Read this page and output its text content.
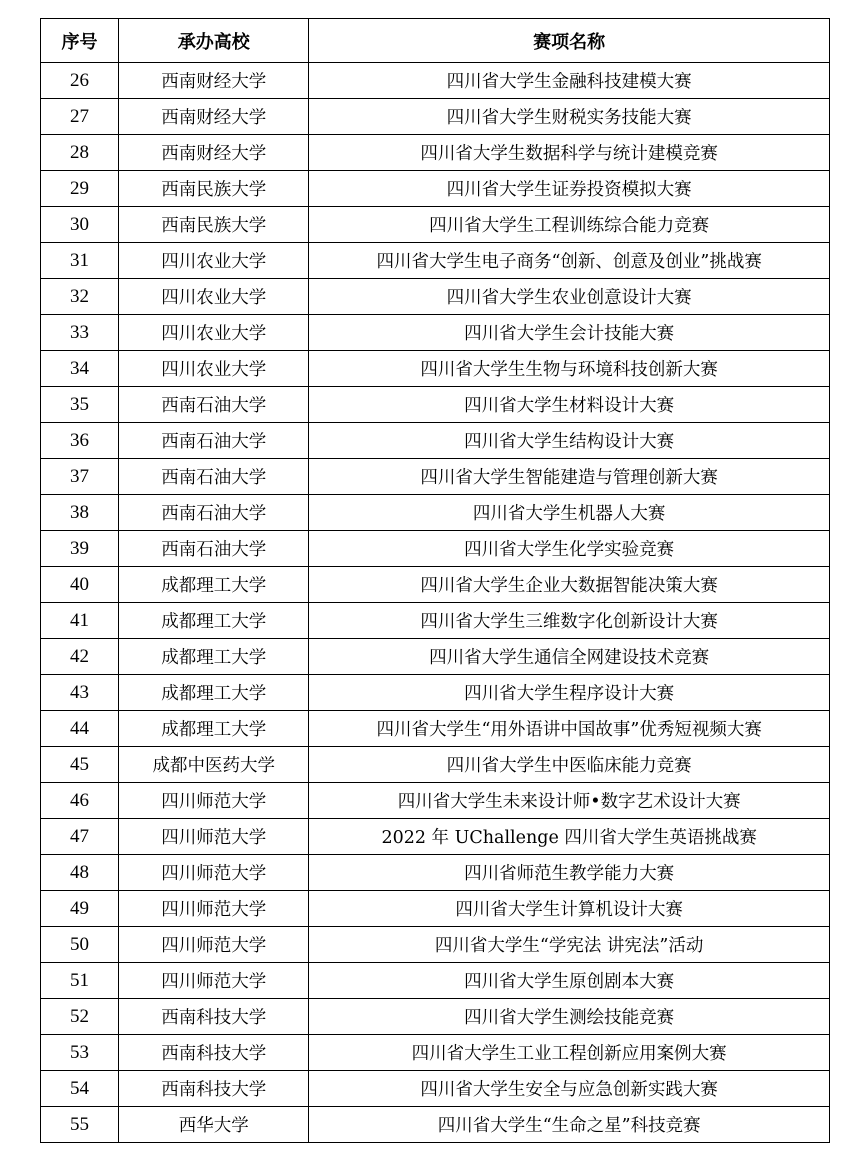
序号	承办高校	赛项名称
26	西南财经大学	四川省大学生金融科技建模大赛
27	西南财经大学	四川省大学生财税实务技能大赛
28	西南财经大学	四川省大学生数据科学与统计建模竞赛
29	西南民族大学	四川省大学生证券投资模拟大赛
30	西南民族大学	四川省大学生工程训练综合能力竞赛
31	四川农业大学	四川省大学生电子商务“创新、创意及创业”挑战赛
32	四川农业大学	四川省大学生农业创意设计大赛
33	四川农业大学	四川省大学生会计技能大赛
34	四川农业大学	四川省大学生生物与环境科技创新大赛
35	西南石油大学	四川省大学生材料设计大赛
36	西南石油大学	四川省大学生结构设计大赛
37	西南石油大学	四川省大学生智能建造与管理创新大赛
38	西南石油大学	四川省大学生机器人大赛
39	西南石油大学	四川省大学生化学实验竞赛
40	成都理工大学	四川省大学生企业大数据智能决策大赛
41	成都理工大学	四川省大学生三维数字化创新设计大赛
42	成都理工大学	四川省大学生通信全网建设技术竞赛
43	成都理工大学	四川省大学生程序设计大赛
44	成都理工大学	四川省大学生“用外语讲中国故事”优秀短视频大赛
45	成都中医药大学	四川省大学生中医临床能力竞赛
46	四川师范大学	四川省大学生未来设计师•数字艺术设计大赛
47	四川师范大学	2022 年 UChallenge 四川省大学生英语挑战赛
48	四川师范大学	四川省师范生教学能力大赛
49	四川师范大学	四川省大学生计算机设计大赛
50	四川师范大学	四川省大学生“学宪法 讲宪法”活动
51	四川师范大学	四川省大学生原创剧本大赛
52	西南科技大学	四川省大学生测绘技能竞赛
53	西南科技大学	四川省大学生工业工程创新应用案例大赛
54	西南科技大学	四川省大学生安全与应急创新实践大赛
55	西华大学	四川省大学生“生命之星”科技竞赛
